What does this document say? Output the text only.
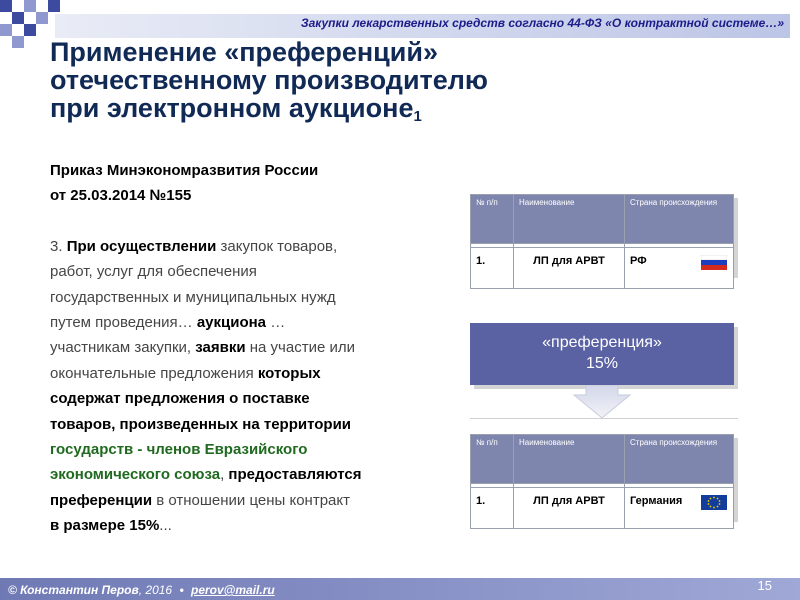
Закупки лекарственных средств согласно 44-ФЗ «О контрактной системе…»
Применение «преференций»
отечественному производителю
при электронном аукционе$_1$

Приказ Минэкономразвития России

от 25.03.2014 №155

3. При осуществлении закупок товаров,

работ, услуг для обеспечения

государственных и муниципальных нужд

путем проведения… аукциона …

участникам закупки, заявки на участие или

окончательные предложения которых

содержат предложения о поставке

товаров, произведенных на территории

государств - членов Евразийского

экономического союза, предоставляются

преференции в отношении цены контракт

в размере 15%...

№ п/п	Наименование	Страна происхождения

1.	ЛП для АРВТ	РФ
«преференция»
15%
№ п/п	Наименование	Страна происхождения

1.	ЛП для АРВТ	Германия
© Константин Перов, 2016 • perov@mail.ru	15
